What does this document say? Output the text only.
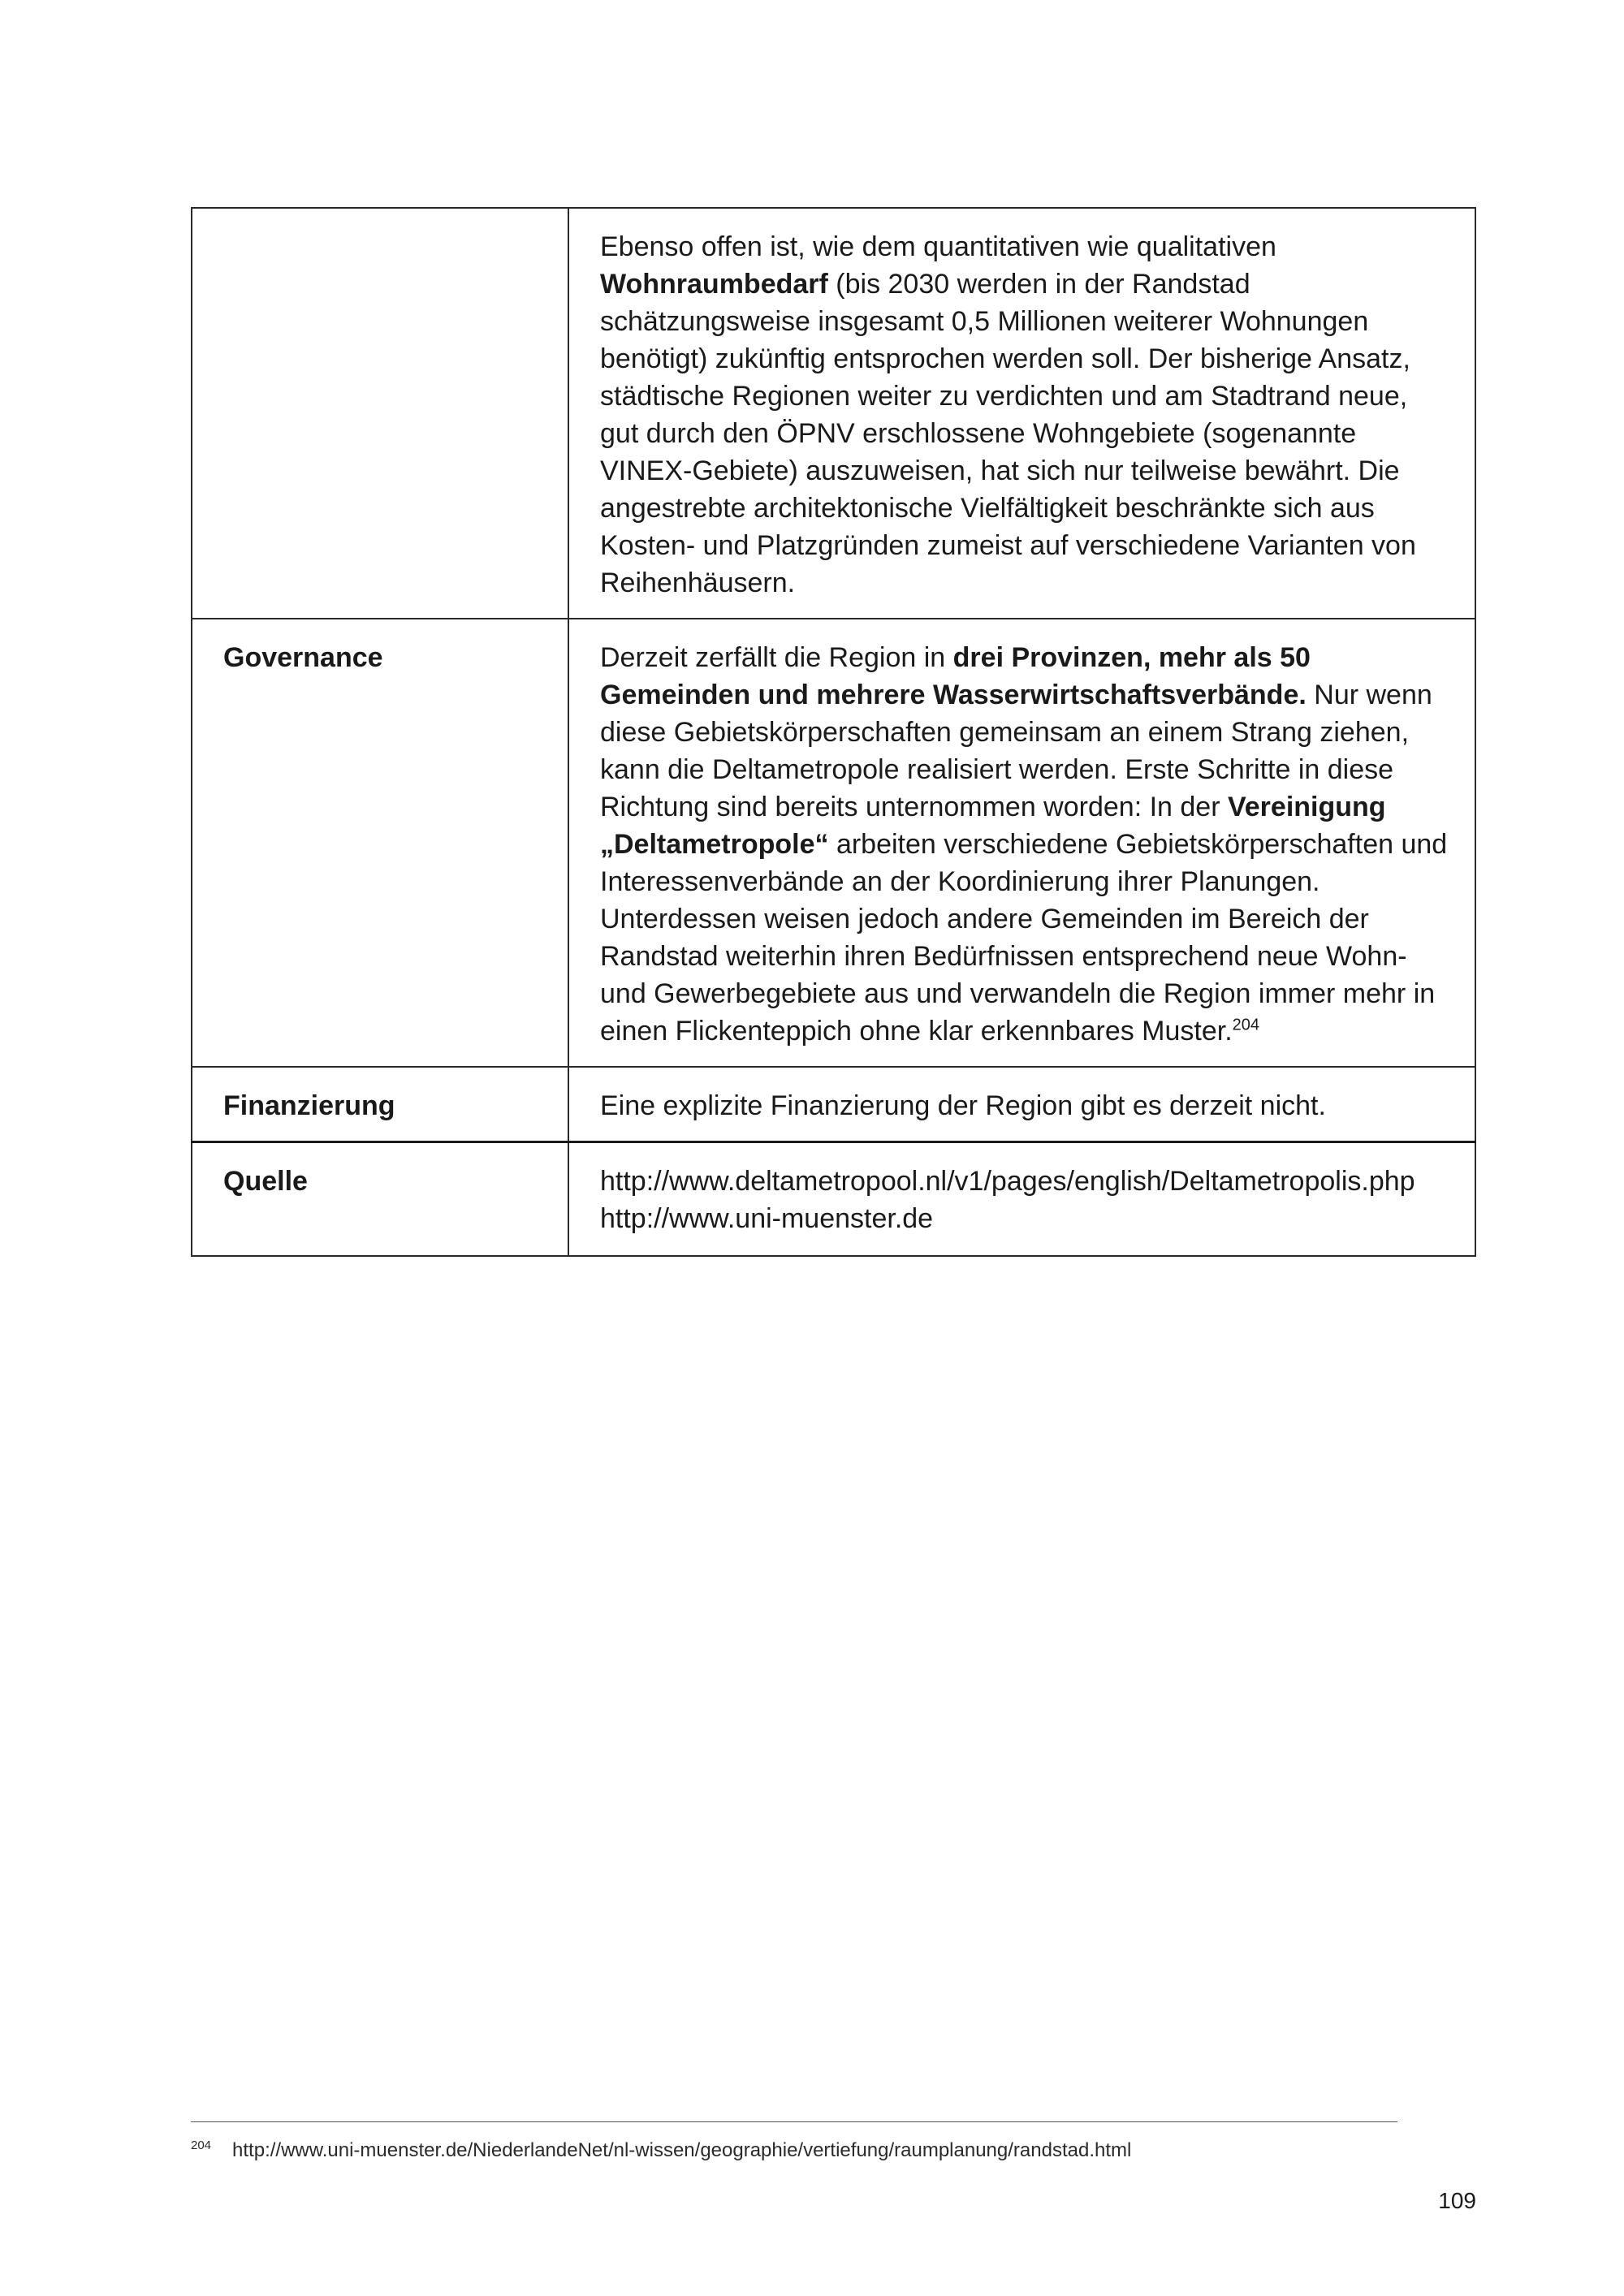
	Ebenso offen ist, wie dem quantitativen wie qualitativen Wohnraumbedarf (bis 2030 werden in der Randstad schätzungsweise insgesamt 0,5 Millionen weiterer Wohnungen benötigt) zukünftig entsprochen werden soll. Der bisherige Ansatz, städtische Regionen weiter zu verdichten und am Stadtrand neue, gut durch den ÖPNV erschlossene Wohngebiete (sogenannte VINEX-Gebiete) auszuweisen, hat sich nur teilweise bewährt. Die angestrebte architektonische Vielfältigkeit beschränkte sich aus Kosten- und Platzgründen zumeist auf verschiedene Varianten von Reihenhäusern.

Governance	Derzeit zerfällt die Region in drei Provinzen, mehr als 50 Gemeinden und mehrere Wasserwirtschaftsverbände. Nur wenn diese Gebietskörperschaften gemeinsam an einem Strang ziehen, kann die Deltametropole realisiert werden. Erste Schritte in diese Richtung sind bereits unternommen worden: In der Vereinigung „Deltametropole“ arbeiten verschiedene Gebietskörperschaften und Interessenverbände an der Koordinierung ihrer Planungen. Unterdessen weisen jedoch andere Gemeinden im Bereich der Randstad weiterhin ihren Bedürfnissen entsprechend neue Wohn- und Gewerbegebiete aus und verwandeln die Region immer mehr in einen Flickenteppich ohne klar erkennbares Muster.$^{204}$

Finanzierung	Eine explizite Finanzierung der Region gibt es derzeit nicht.

Quelle	http://www.deltametropool.nl/v1/pages/english/Deltametropolis.php
http://www.uni-muenster.de
$^{204}$ http://www.uni-muenster.de/NiederlandeNet/nl-wissen/geographie/vertiefung/raumplanung/randstad.html
109
